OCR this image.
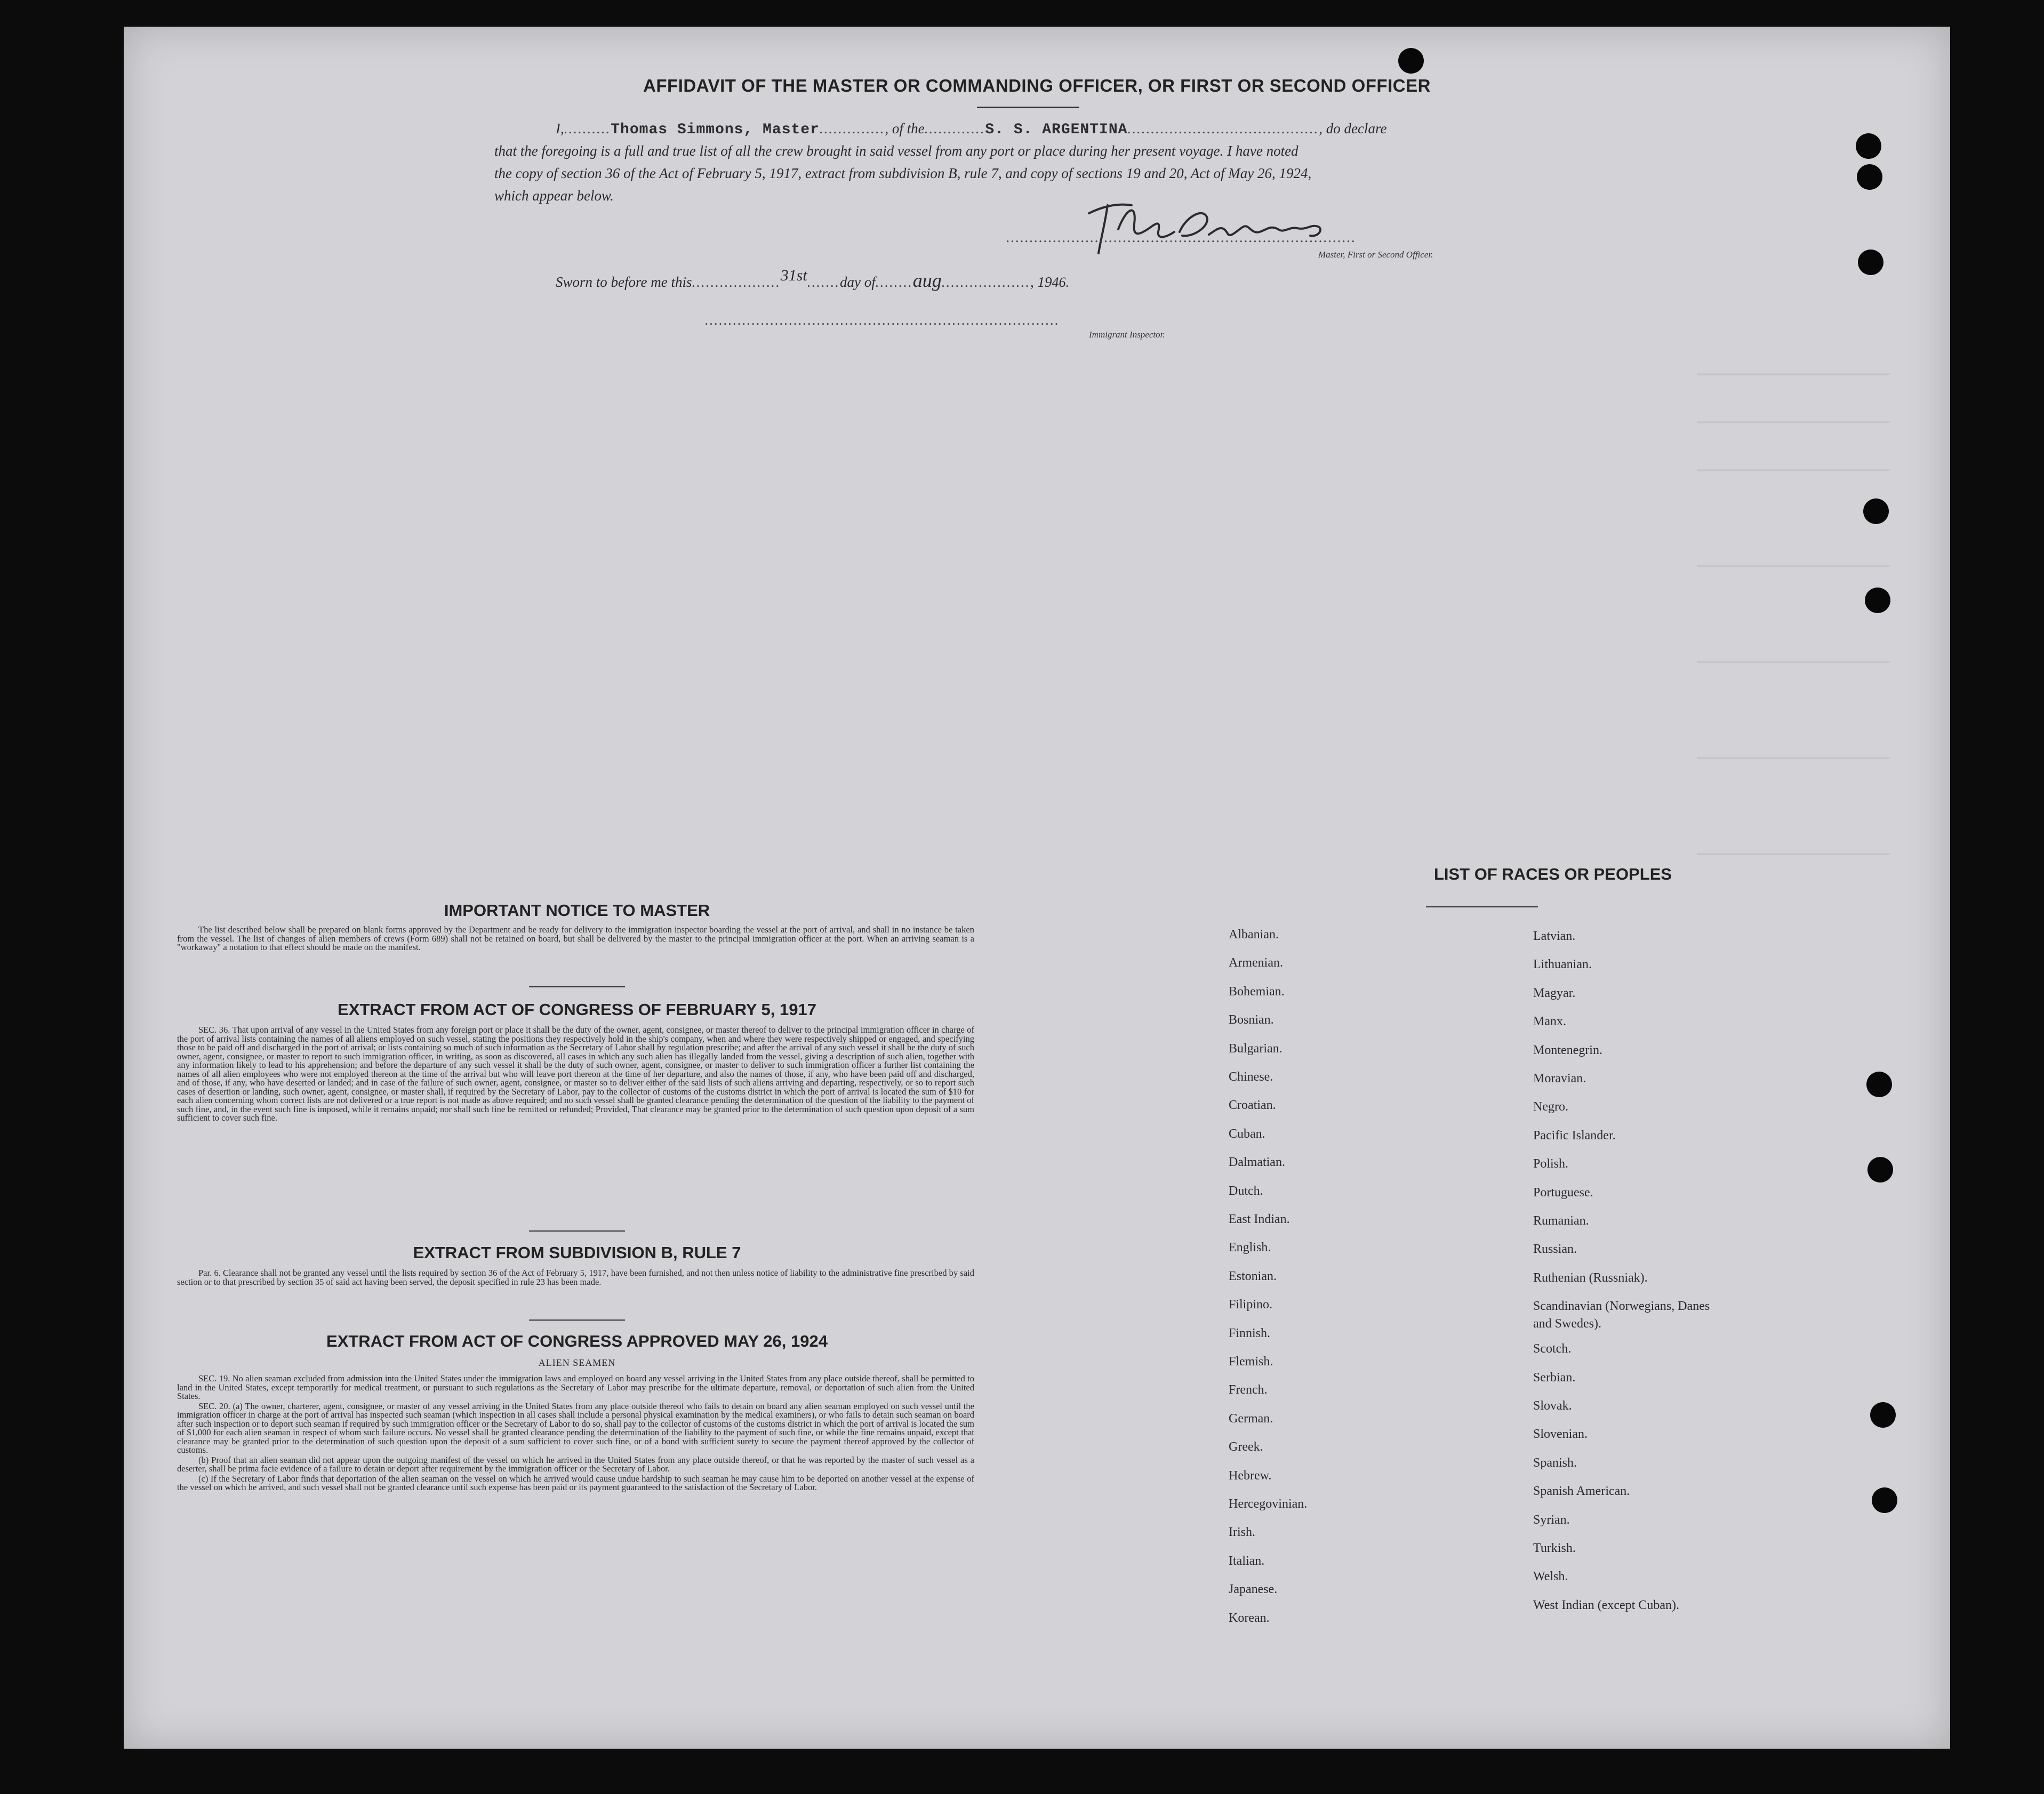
━━━━━━━━━━━━━━━━━━━━━━━━━━━━━━
━━━━━━━━━━━━━━━━━━━━━━━━━━━━━━
━━━━━━━━━━━━━━━━━━━━━━━━━━━━━━
━━━━━━━━━━━━━━━━━━━━━━━━━━━━━━
━━━━━━━━━━━━━━━━━━━━━━━━━━━━━━
━━━━━━━━━━━━━━━━━━━━━━━━━━━━━━
━━━━━━━━━━━━━━━━━━━━━━━━━━━━━━
AFFIDAVIT OF THE MASTER OR COMMANDING OFFICER, OR FIRST OR SECOND OFFICER
I,..........Thomas Simmons, Master.............., of the.............S. S. ARGENTINA........................................., do declare
that the foregoing is a full and true list of all the crew brought in said vessel from any port or place during her present voyage. I have noted
the copy of section 36 of the Act of February 5, 1917, extract from subdivision B, rule 7, and copy of sections 19 and 20, Act of May 26, 1924,
which appear below.
...........................................................................
Master, First or Second Officer.
Sworn to before me this...................31st.......day of........aug..................., 1946.
............................................................................
Immigrant Inspector.
IMPORTANT NOTICE TO MASTER

The list described below shall be prepared on blank forms approved by the Department and be ready for delivery to the immigration inspector boarding the vessel at the port of arrival, and shall in no instance be taken from the vessel. The list of changes of alien members of crews (Form 689) shall not be retained on board, but shall be delivered by the master to the principal immigration officer at the port. When an arriving seaman is a "workaway" a notation to that effect should be made on the manifest.

EXTRACT FROM ACT OF CONGRESS OF FEBRUARY 5, 1917

SEC. 36. That upon arrival of any vessel in the United States from any foreign port or place it shall be the duty of the owner, agent, consignee, or master thereof to deliver to the principal immigration officer in charge of the port of arrival lists containing the names of all aliens employed on such vessel, stating the positions they respectively hold in the ship's company, when and where they were respectively shipped or engaged, and specifying those to be paid off and discharged in the port of arrival; or lists containing so much of such information as the Secretary of Labor shall by regulation prescribe; and after the arrival of any such vessel it shall be the duty of such owner, agent, consignee, or master to report to such immigration officer, in writing, as soon as discovered, all cases in which any such alien has illegally landed from the vessel, giving a description of such alien, together with any information likely to lead to his apprehension; and before the departure of any such vessel it shall be the duty of such owner, agent, consignee, or master to deliver to such immigration officer a further list containing the names of all alien employees who were not employed thereon at the time of the arrival but who will leave port thereon at the time of her departure, and also the names of those, if any, who have been paid off and discharged, and of those, if any, who have deserted or landed; and in case of the failure of such owner, agent, consignee, or master so to deliver either of the said lists of such aliens arriving and departing, respectively, or so to report such cases of desertion or landing, such owner, agent, consignee, or master shall, if required by the Secretary of Labor, pay to the collector of customs of the customs district in which the port of arrival is located the sum of $10 for each alien concerning whom correct lists are not delivered or a true report is not made as above required; and no such vessel shall be granted clearance pending the determination of the question of the liability to the payment of such fine, and, in the event such fine is imposed, while it remains unpaid; nor shall such fine be remitted or refunded; Provided, That clearance may be granted prior to the determination of such question upon deposit of a sum sufficient to cover such fine.

EXTRACT FROM SUBDIVISION B, RULE 7

Par. 6. Clearance shall not be granted any vessel until the lists required by section 36 of the Act of February 5, 1917, have been furnished, and not then unless notice of liability to the administrative fine prescribed by said section or to that prescribed by section 35 of said act having been served, the deposit specified in rule 23 has been made.

EXTRACT FROM ACT OF CONGRESS APPROVED MAY 26, 1924
ALIEN SEAMEN

SEC. 19. No alien seaman excluded from admission into the United States under the immigration laws and employed on board any vessel arriving in the United States from any place outside thereof, shall be permitted to land in the United States, except temporarily for medical treatment, or pursuant to such regulations as the Secretary of Labor may prescribe for the ultimate departure, removal, or deportation of such alien from the United States.

SEC. 20. (a) The owner, charterer, agent, consignee, or master of any vessel arriving in the United States from any place outside thereof who fails to detain on board any alien seaman employed on such vessel until the immigration officer in charge at the port of arrival has inspected such seaman (which inspection in all cases shall include a personal physical examination by the medical examiners), or who fails to detain such seaman on board after such inspection or to deport such seaman if required by such immigration officer or the Secretary of Labor to do so, shall pay to the collector of customs of the customs district in which the port of arrival is located the sum of $1,000 for each alien seaman in respect of whom such failure occurs. No vessel shall be granted clearance pending the determination of the liability to the payment of such fine, or while the fine remains unpaid, except that clearance may be granted prior to the determination of such question upon the deposit of a sum sufficient to cover such fine, or of a bond with sufficient surety to secure the payment thereof approved by the collector of customs.

(b) Proof that an alien seaman did not appear upon the outgoing manifest of the vessel on which he arrived in the United States from any place outside thereof, or that he was reported by the master of such vessel as a deserter, shall be prima facie evidence of a failure to detain or deport after requirement by the immigration officer or the Secretary of Labor.

(c) If the Secretary of Labor finds that deportation of the alien seaman on the vessel on which he arrived would cause undue hardship to such seaman he may cause him to be deported on another vessel at the expense of the vessel on which he arrived, and such vessel shall not be granted clearance until such expense has been paid or its payment guaranteed to the satisfaction of the Secretary of Labor.

LIST OF RACES OR PEOPLES
Albanian.
Armenian.
Bohemian.
Bosnian.
Bulgarian.
Chinese.
Croatian.
Cuban.
Dalmatian.
Dutch.
East Indian.
English.
Estonian.
Filipino.
Finnish.
Flemish.
French.
German.
Greek.
Hebrew.
Hercegovinian.
Irish.
Italian.
Japanese.
Korean.
Latvian.
Lithuanian.
Magyar.
Manx.
Montenegrin.
Moravian.
Negro.
Pacific Islander.
Polish.
Portuguese.
Rumanian.
Russian.
Ruthenian (Russniak).
Scandinavian (Norwegians, Danes and Swedes).
Scotch.
Serbian.
Slovak.
Slovenian.
Spanish.
Spanish American.
Syrian.
Turkish.
Welsh.
West Indian (except Cuban).
